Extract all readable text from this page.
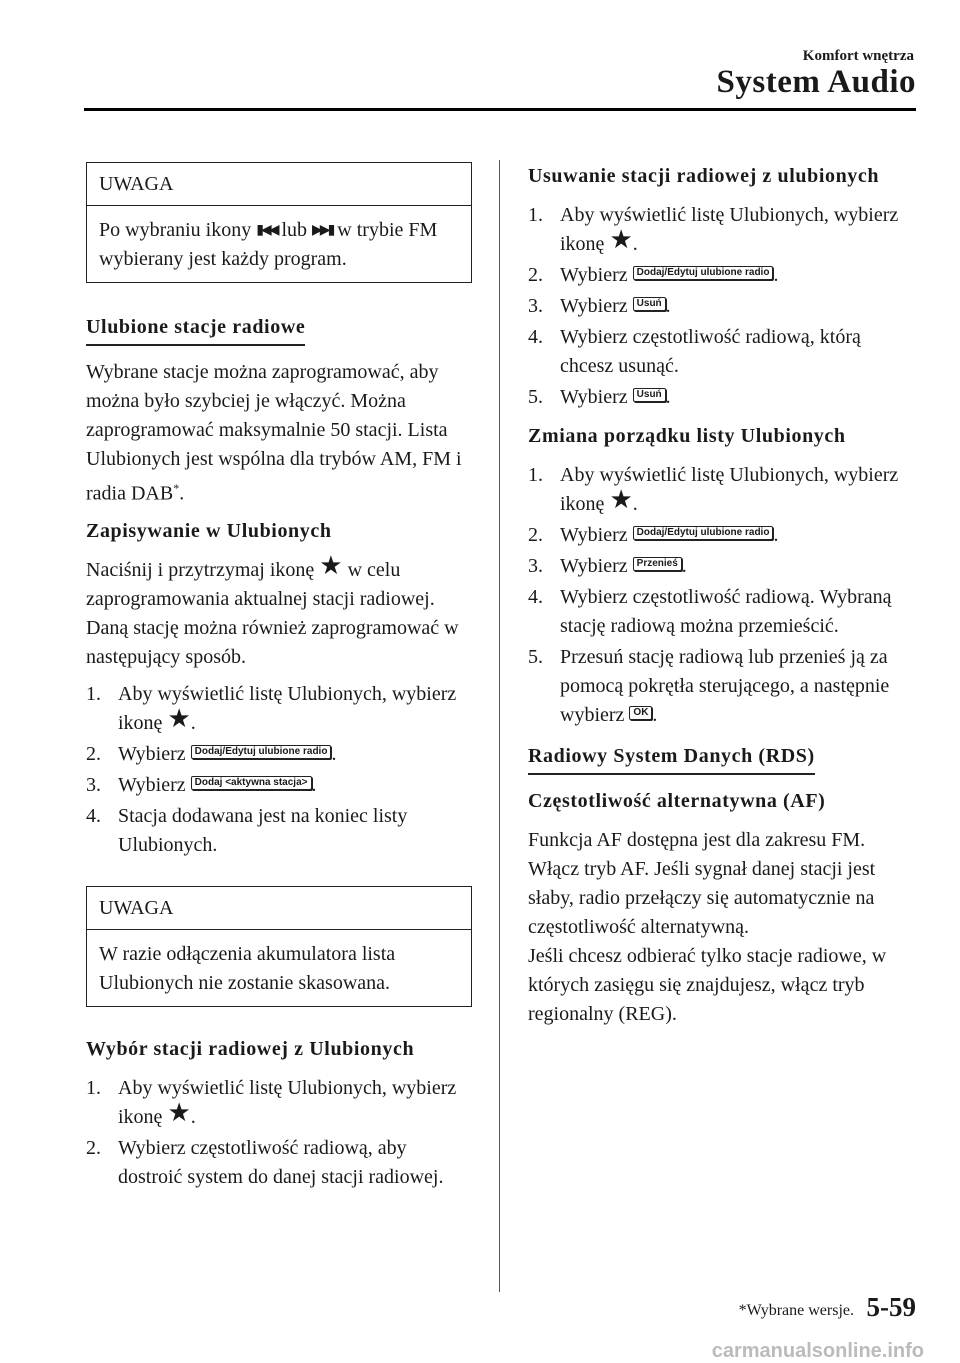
Komfort wnętrza
System Audio
UWAGA
Po wybraniu ikony ▮◀◀ lub ▶▶▮ w trybie FM wybierany jest każdy program.
Ulubione stacje radiowe

Wybrane stacje można zaprogramować, aby można było szybciej je włączyć. Można zaprogramować maksymalnie 50 stacji. Lista Ulubionych jest wspólna dla trybów AM, FM i radia DAB*.

Zapisywanie w Ulubionych

Naciśnij i przytrzymaj ikonę ★ w celu zaprogramowania aktualnej stacji radiowej. Daną stację można również zaprogramować w następujący sposób.

1. Aby wyświetlić listę Ulubionych, wybierz ikonę ★.
2. Wybierz Dodaj/Edytuj ulubione radio .
3. Wybierz Dodaj <aktywna stacja> .
4. Stacja dodawana jest na koniec listy Ulubionych.
UWAGA
W razie odłączenia akumulatora lista Ulubionych nie zostanie skasowana.
Wybór stacji radiowej z Ulubionych
1. Aby wyświetlić listę Ulubionych, wybierz ikonę ★.
2. Wybierz częstotliwość radiową, aby dostroić system do danej stacji radiowej.
Usuwanie stacji radiowej z ulubionych
1. Aby wyświetlić listę Ulubionych, wybierz ikonę ★.
2. Wybierz Dodaj/Edytuj ulubione radio .
3. Wybierz Usuń .
4. Wybierz częstotliwość radiową, którą chcesz usunąć.
5. Wybierz Usuń .
Zmiana porządku listy Ulubionych
1. Aby wyświetlić listę Ulubionych, wybierz ikonę ★.
2. Wybierz Dodaj/Edytuj ulubione radio .
3. Wybierz Przenieś .
4. Wybierz częstotliwość radiową. Wybraną stację radiową można przemieścić.
5. Przesuń stację radiową lub przenieś ją za pomocą pokrętła sterującego, a następnie wybierz OK .
Radiowy System Danych (RDS)
Częstotliwość alternatywna (AF)
Funkcja AF dostępna jest dla zakresu FM. Włącz tryb AF. Jeśli sygnał danej stacji jest słaby, radio przełączy się automatycznie na częstotliwość alternatywną.
Jeśli chcesz odbierać tylko stacje radiowe, w których zasięgu się znajdujesz, włącz tryb regionalny (REG).
*Wybrane wersje. 5-59
carmanualsonline.info
